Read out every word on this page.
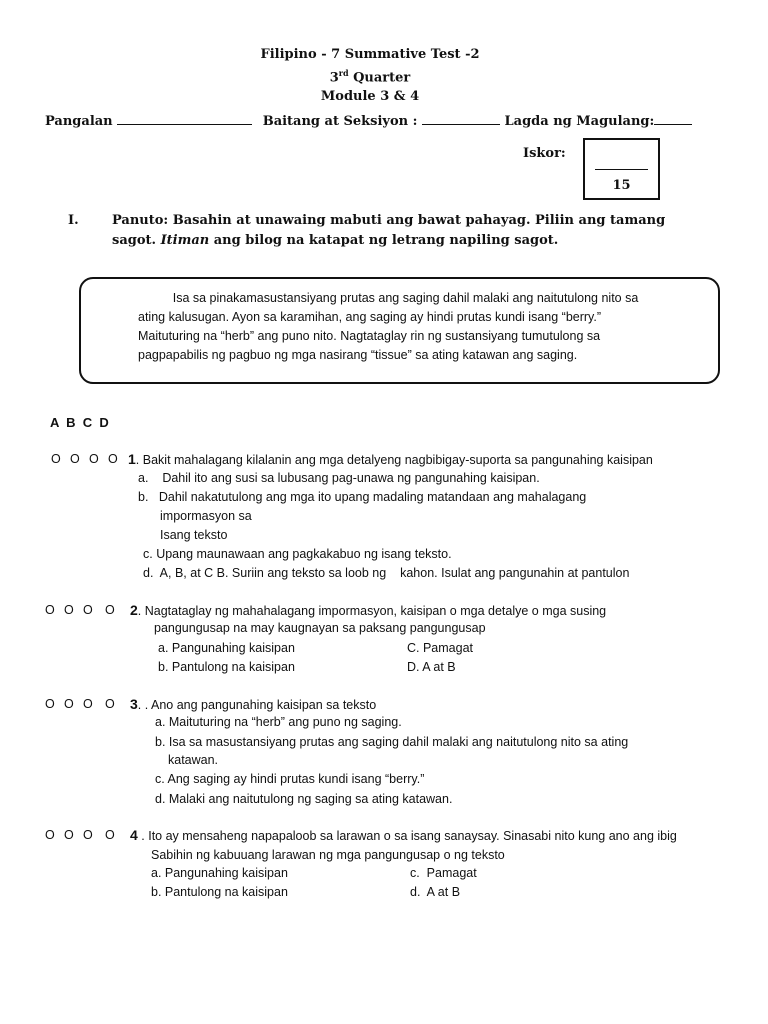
Filipino - 7 Summative Test -2
3rd Quarter
Module 3 & 4
Pangalan	Baitang at Seksiyon :	Lagda ng Magulang:
Iskor:
15
I.	Panuto: Basahin at unawaing mabuti ang bawat pahayag. Piliin ang tamang
sagot. Itiman ang bilog na katapat ng letrang napiling sagot.
Isa sa pinakamasustansiyang prutas ang saging dahil malaki ang naitutulong nito sa
ating kalusugan. Ayon sa karamihan, ang saging ay hindi prutas kundi isang “berry.”
Maituturing na “herb” ang puno nito. Nagtataglay rin ng sustansiyang tumutulong sa
pagpapabilis ng pagbuo ng mga nasirang “tissue” sa ating katawan ang saging.
A  B  C  D
O O O O 1. Bakit mahalagang kilalanin ang mga detalyeng nagbibigay-suporta sa pangunahing kaisipan
a.    Dahil ito ang susi sa lubusang pag-unawa ng pangunahing kaisipan.
b.   Dahil nakatutulong ang mga ito upang madaling matandaan ang mahalagang
impormasyon sa
Isang teksto
c. Upang maunawaan ang pagkakabuo ng isang teksto.
d.  A, B, at C B. Suriin ang teksto sa loob ng    kahon. Isulat ang pangunahin at pantulon
O O O O	2. Nagtataglay ng mahahalagang impormasyon, kaisipan o mga detalye o mga susing
pangungusap na may kaugnayan sa paksang pangungusap
a. Pangunahing kaisipan	C. Pamagat
b. Pantulong na kaisipan	D. A at B
O O O O	3. . Ano ang pangunahing kaisipan sa teksto
a. Maituturing na “herb” ang puno ng saging.
b. Isa sa masustansiyang prutas ang saging dahil malaki ang naitutulong nito sa ating
katawan.
c. Ang saging ay hindi prutas kundi isang “berry.”
d. Malaki ang naitutulong ng saging sa ating katawan.
O O O O	4 . Ito ay mensaheng napapaloob sa larawan o sa isang sanaysay. Sinasabi nito kung ano ang ibig
Sabihin ng kabuuang larawan ng mga pangungusap o ng teksto
a. Pangunahing kaisipan	c.  Pamagat
b. Pantulong na kaisipan	d.  A at B
